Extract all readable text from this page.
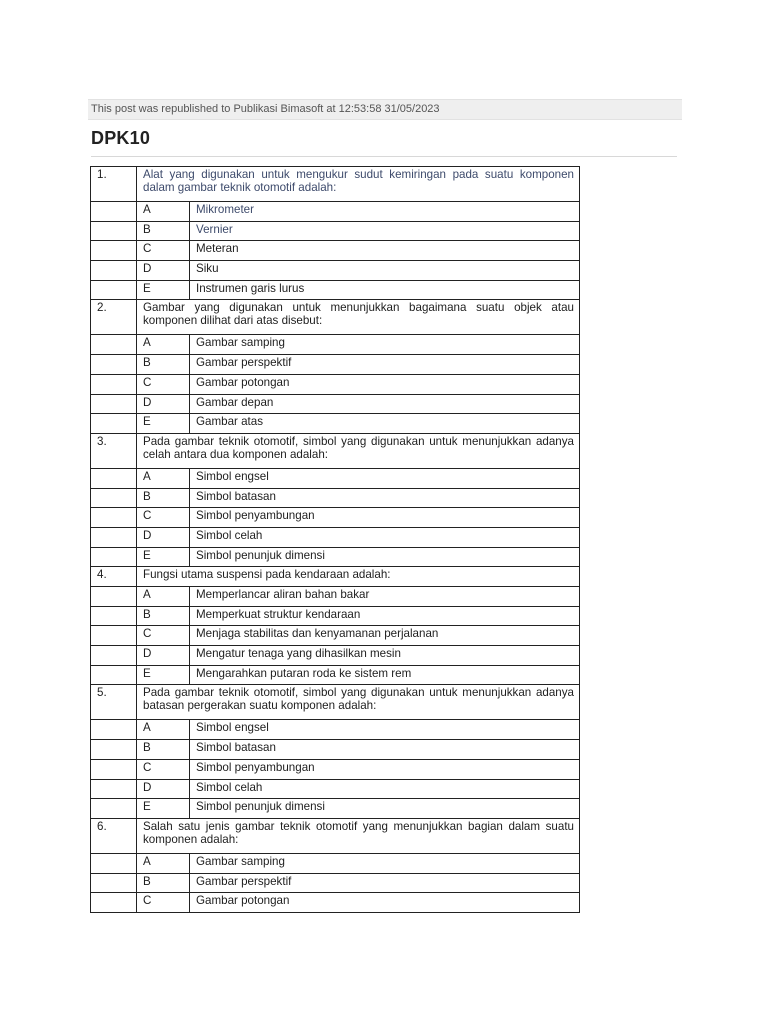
This post was republished to Publikasi Bimasoft at 12:53:58 31/05/2023
DPK10
1.	Alat yang digunakan untuk mengukur sudut kemiringan pada suatu komponen dalam gambar teknik otomotif adalah:	
	A	Mikrometer
	B	Vernier
	C	Meteran
	D	Siku
	E	Instrumen garis lurus
2.	Gambar yang digunakan untuk menunjukkan bagaimana suatu objek atau komponen dilihat dari atas disebut:	
	A	Gambar samping
	B	Gambar perspektif
	C	Gambar potongan
	D	Gambar depan
	E	Gambar atas
3.	Pada gambar teknik otomotif, simbol yang digunakan untuk menunjukkan adanya celah antara dua komponen adalah:	
	A	Simbol engsel
	B	Simbol batasan
	C	Simbol penyambungan
	D	Simbol celah
	E	Simbol penunjuk dimensi
4.	Fungsi utama suspensi pada kendaraan adalah:	
	A	Memperlancar aliran bahan bakar
	B	Memperkuat struktur kendaraan
	C	Menjaga stabilitas dan kenyamanan perjalanan
	D	Mengatur tenaga yang dihasilkan mesin
	E	Mengarahkan putaran roda ke sistem rem
5.	Pada gambar teknik otomotif, simbol yang digunakan untuk menunjukkan adanya batasan pergerakan suatu komponen adalah:	
	A	Simbol engsel
	B	Simbol batasan
	C	Simbol penyambungan
	D	Simbol celah
	E	Simbol penunjuk dimensi
6.	Salah satu jenis gambar teknik otomotif yang menunjukkan bagian dalam suatu komponen adalah:	
	A	Gambar samping
	B	Gambar perspektif
	C	Gambar potongan
